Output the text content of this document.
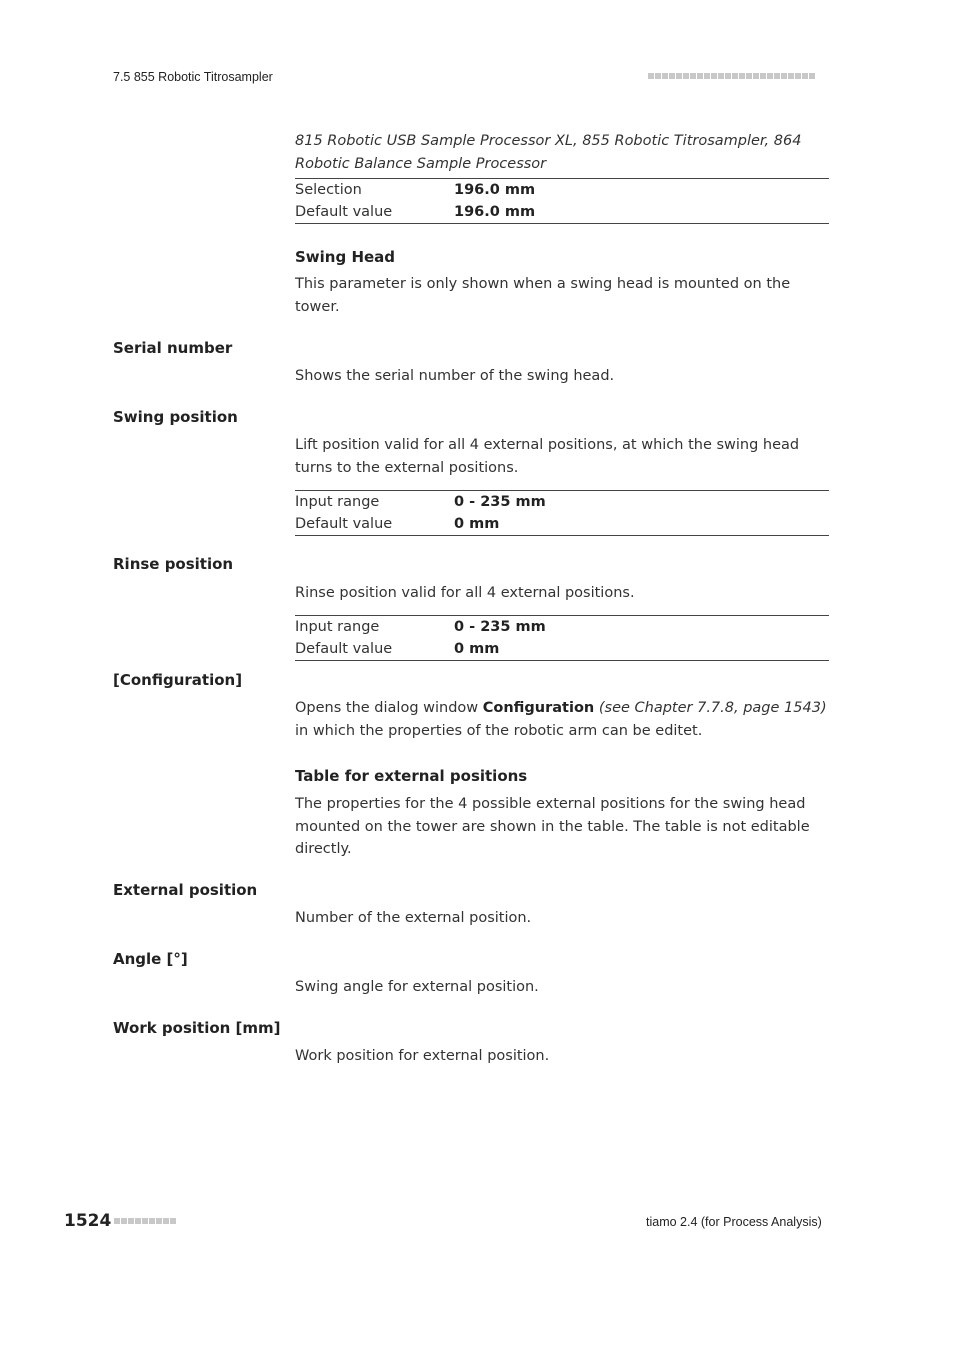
7.5 855 Robotic Titrosampler
815 Robotic USB Sample Processor XL, 855 Robotic Titrosampler, 864 Robotic Balance Sample Processor
Selection	196.0 mm
Default value	196.0 mm
Swing Head
This parameter is only shown when a swing head is mounted on the tower.
Serial number
Shows the serial number of the swing head.
Swing position
Lift position valid for all 4 external positions, at which the swing head turns to the external positions.
Input range	0 - 235 mm
Default value	0 mm
Rinse position
Rinse position valid for all 4 external positions.
Input range	0 - 235 mm
Default value	0 mm
[Configuration]
Opens the dialog window Configuration (see Chapter 7.7.8, page 1543) in which the properties of the robotic arm can be editet.
Table for external positions
The properties for the 4 possible external positions for the swing head mounted on the tower are shown in the table. The table is not editable directly.
External position
Number of the external position.
Angle [°]
Swing angle for external position.
Work position [mm]
Work position for external position.
1524	tiamo 2.4 (for Process Analysis)
